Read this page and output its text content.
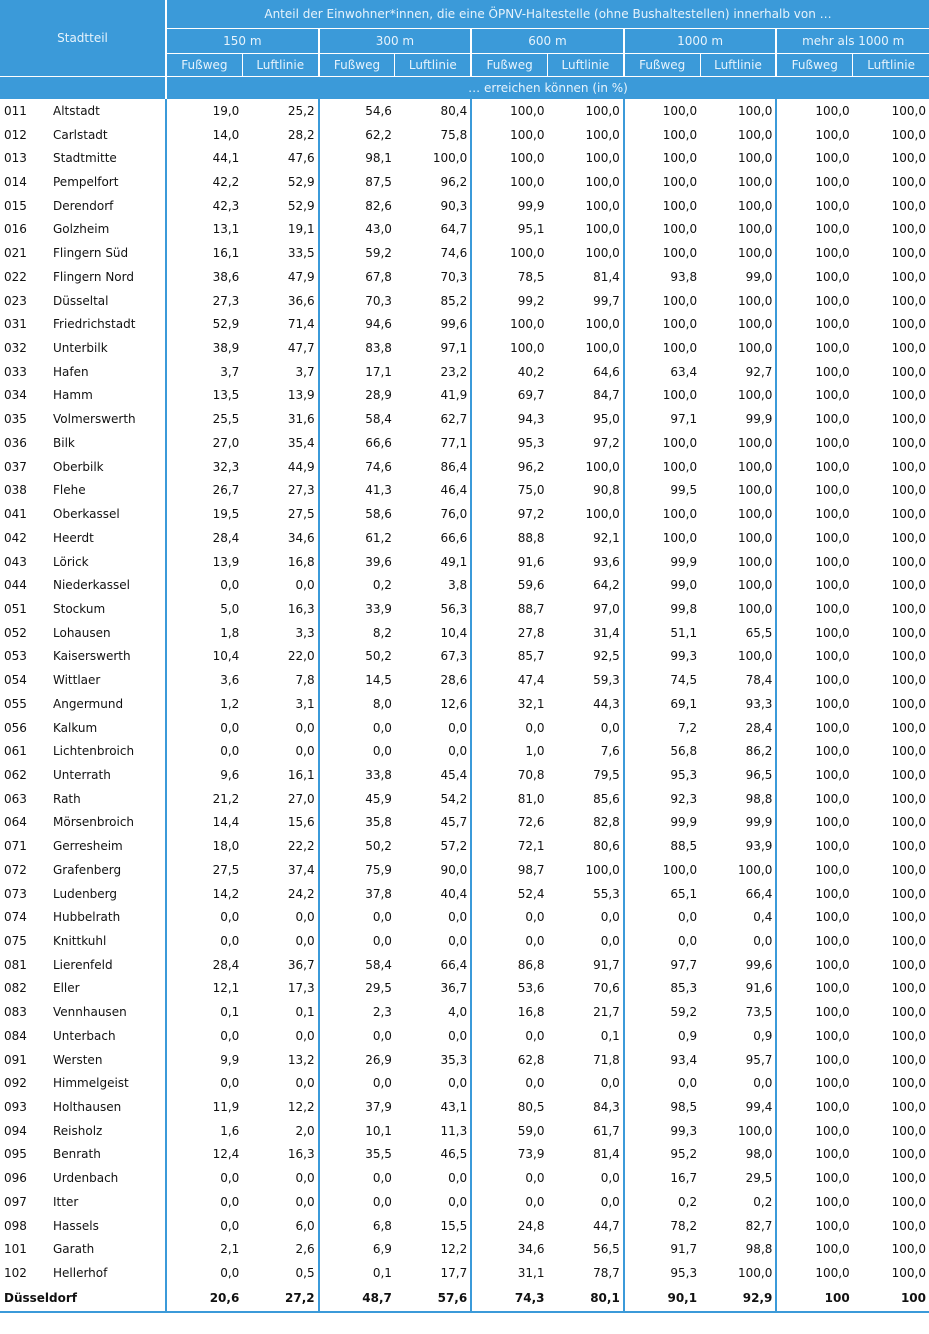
Stadtteil		Anteil der Einwohner*innen, die eine ÖPNV-Haltestelle (ohne Bushaltestellen) innerhalb von …									
		150 m		300 m		600 m		1000 m		mehr als 1000 m	
		Fußweg	Luftlinie	Fußweg	Luftlinie	Fußweg	Luftlinie	Fußweg	Luftlinie	Fußweg	Luftlinie
		… erreichen können (in %)									
011	Altstadt	19,0	25,2	54,6	80,4	100,0	100,0	100,0	100,0	100,0	100,0
012	Carlstadt	14,0	28,2	62,2	75,8	100,0	100,0	100,0	100,0	100,0	100,0
013	Stadtmitte	44,1	47,6	98,1	100,0	100,0	100,0	100,0	100,0	100,0	100,0
014	Pempelfort	42,2	52,9	87,5	96,2	100,0	100,0	100,0	100,0	100,0	100,0
015	Derendorf	42,3	52,9	82,6	90,3	99,9	100,0	100,0	100,0	100,0	100,0
016	Golzheim	13,1	19,1	43,0	64,7	95,1	100,0	100,0	100,0	100,0	100,0
021	Flingern Süd	16,1	33,5	59,2	74,6	100,0	100,0	100,0	100,0	100,0	100,0
022	Flingern Nord	38,6	47,9	67,8	70,3	78,5	81,4	93,8	99,0	100,0	100,0
023	Düsseltal	27,3	36,6	70,3	85,2	99,2	99,7	100,0	100,0	100,0	100,0
031	Friedrichstadt	52,9	71,4	94,6	99,6	100,0	100,0	100,0	100,0	100,0	100,0
032	Unterbilk	38,9	47,7	83,8	97,1	100,0	100,0	100,0	100,0	100,0	100,0
033	Hafen	3,7	3,7	17,1	23,2	40,2	64,6	63,4	92,7	100,0	100,0
034	Hamm	13,5	13,9	28,9	41,9	69,7	84,7	100,0	100,0	100,0	100,0
035	Volmerswerth	25,5	31,6	58,4	62,7	94,3	95,0	97,1	99,9	100,0	100,0
036	Bilk	27,0	35,4	66,6	77,1	95,3	97,2	100,0	100,0	100,0	100,0
037	Oberbilk	32,3	44,9	74,6	86,4	96,2	100,0	100,0	100,0	100,0	100,0
038	Flehe	26,7	27,3	41,3	46,4	75,0	90,8	99,5	100,0	100,0	100,0
041	Oberkassel	19,5	27,5	58,6	76,0	97,2	100,0	100,0	100,0	100,0	100,0
042	Heerdt	28,4	34,6	61,2	66,6	88,8	92,1	100,0	100,0	100,0	100,0
043	Lörick	13,9	16,8	39,6	49,1	91,6	93,6	99,9	100,0	100,0	100,0
044	Niederkassel	0,0	0,0	0,2	3,8	59,6	64,2	99,0	100,0	100,0	100,0
051	Stockum	5,0	16,3	33,9	56,3	88,7	97,0	99,8	100,0	100,0	100,0
052	Lohausen	1,8	3,3	8,2	10,4	27,8	31,4	51,1	65,5	100,0	100,0
053	Kaiserswerth	10,4	22,0	50,2	67,3	85,7	92,5	99,3	100,0	100,0	100,0
054	Wittlaer	3,6	7,8	14,5	28,6	47,4	59,3	74,5	78,4	100,0	100,0
055	Angermund	1,2	3,1	8,0	12,6	32,1	44,3	69,1	93,3	100,0	100,0
056	Kalkum	0,0	0,0	0,0	0,0	0,0	0,0	7,2	28,4	100,0	100,0
061	Lichtenbroich	0,0	0,0	0,0	0,0	1,0	7,6	56,8	86,2	100,0	100,0
062	Unterrath	9,6	16,1	33,8	45,4	70,8	79,5	95,3	96,5	100,0	100,0
063	Rath	21,2	27,0	45,9	54,2	81,0	85,6	92,3	98,8	100,0	100,0
064	Mörsenbroich	14,4	15,6	35,8	45,7	72,6	82,8	99,9	99,9	100,0	100,0
071	Gerresheim	18,0	22,2	50,2	57,2	72,1	80,6	88,5	93,9	100,0	100,0
072	Grafenberg	27,5	37,4	75,9	90,0	98,7	100,0	100,0	100,0	100,0	100,0
073	Ludenberg	14,2	24,2	37,8	40,4	52,4	55,3	65,1	66,4	100,0	100,0
074	Hubbelrath	0,0	0,0	0,0	0,0	0,0	0,0	0,0	0,4	100,0	100,0
075	Knittkuhl	0,0	0,0	0,0	0,0	0,0	0,0	0,0	0,0	100,0	100,0
081	Lierenfeld	28,4	36,7	58,4	66,4	86,8	91,7	97,7	99,6	100,0	100,0
082	Eller	12,1	17,3	29,5	36,7	53,6	70,6	85,3	91,6	100,0	100,0
083	Vennhausen	0,1	0,1	2,3	4,0	16,8	21,7	59,2	73,5	100,0	100,0
084	Unterbach	0,0	0,0	0,0	0,0	0,0	0,1	0,9	0,9	100,0	100,0
091	Wersten	9,9	13,2	26,9	35,3	62,8	71,8	93,4	95,7	100,0	100,0
092	Himmelgeist	0,0	0,0	0,0	0,0	0,0	0,0	0,0	0,0	100,0	100,0
093	Holthausen	11,9	12,2	37,9	43,1	80,5	84,3	98,5	99,4	100,0	100,0
094	Reisholz	1,6	2,0	10,1	11,3	59,0	61,7	99,3	100,0	100,0	100,0
095	Benrath	12,4	16,3	35,5	46,5	73,9	81,4	95,2	98,0	100,0	100,0
096	Urdenbach	0,0	0,0	0,0	0,0	0,0	0,0	16,7	29,5	100,0	100,0
097	Itter	0,0	0,0	0,0	0,0	0,0	0,0	0,2	0,2	100,0	100,0
098	Hassels	0,0	6,0	6,8	15,5	24,8	44,7	78,2	82,7	100,0	100,0
101	Garath	2,1	2,6	6,9	12,2	34,6	56,5	91,7	98,8	100,0	100,0
102	Hellerhof	0,0	0,5	0,1	17,7	31,1	78,7	95,3	100,0	100,0	100,0
Düsseldorf		20,6	27,2	48,7	57,6	74,3	80,1	90,1	92,9	100	100
